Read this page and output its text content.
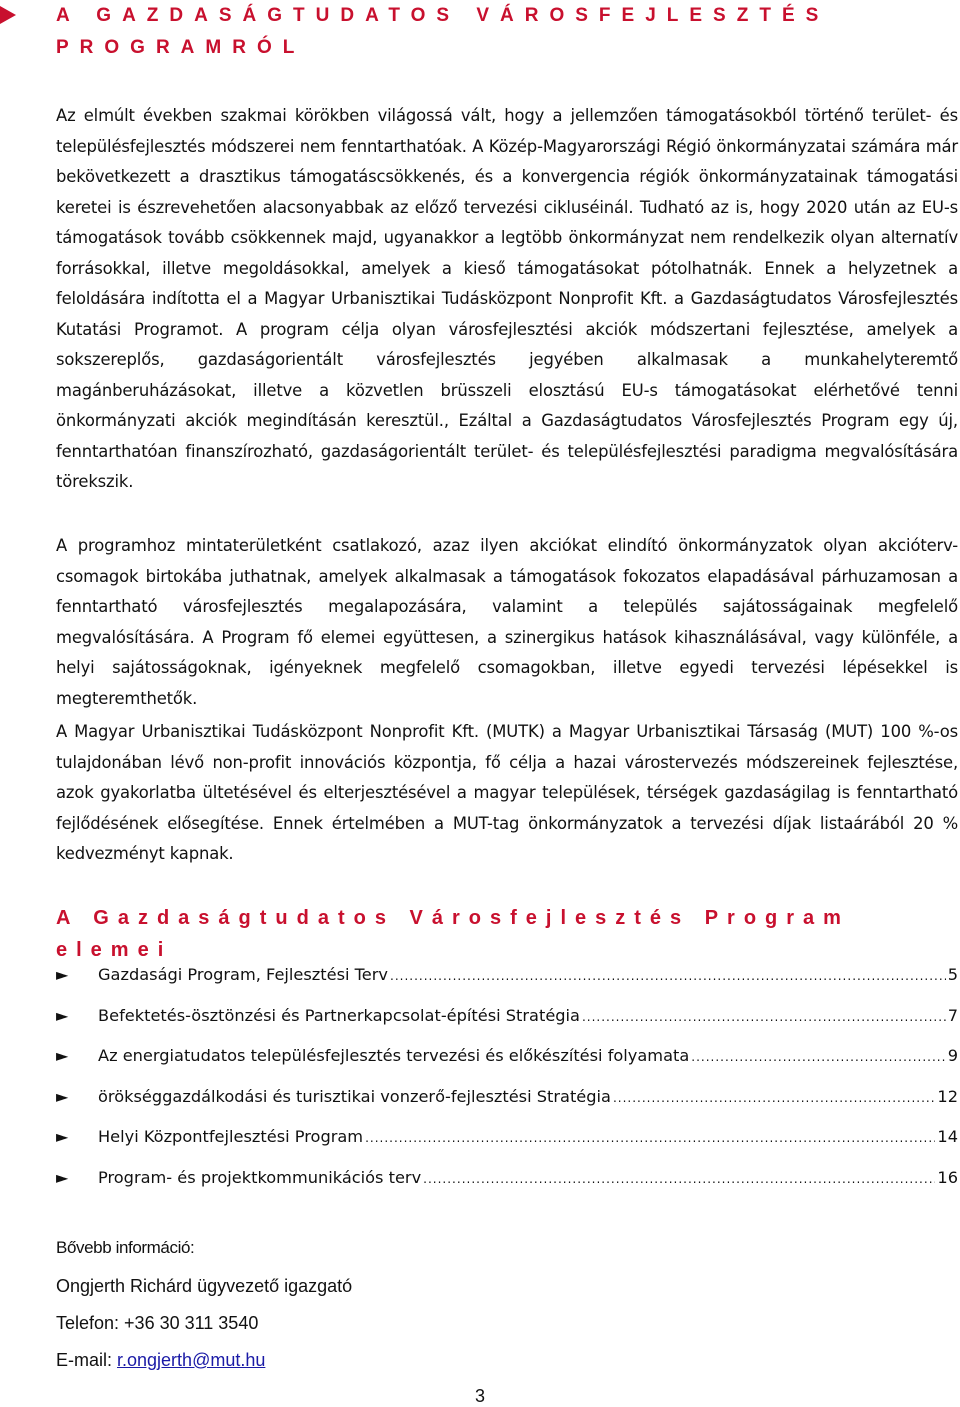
A GAZDASÁGTUDATOS VÁROSFEJLESZTÉS PROGRAMRÓL

Az elmúlt években szakmai körökben világossá vált, hogy a jellemzően támogatásokból történő terület- és településfejlesztés módszerei nem fenntarthatóak. A Közép-Magyarországi Régió önkormányzatai számára már bekövetkezett a drasztikus támogatáscsökkenés, és a konvergencia régiók önkormányzatainak támogatási keretei is észrevehetően alacsonyabbak az előző tervezési cikluséinál. Tudható az is, hogy 2020 után az EU-s támogatások tovább csökkennek majd, ugyanakkor a legtöbb önkormányzat nem rendelkezik olyan alternatív forrásokkal, illetve megoldásokkal, amelyek a kieső támogatásokat pótolhatnák. Ennek a helyzetnek a feloldására indította el a Magyar Urbanisztikai Tudásközpont Nonprofit Kft. a Gazdaságtudatos Városfejlesztés Kutatási Programot. A program célja olyan városfejlesztési akciók módszertani fejlesztése, amelyek a sokszereplős, gazdaságorientált városfejlesztés jegyében alkalmasak a munkahelyteremtő magánberuházásokat, illetve a közvetlen brüsszeli elosztású EU-s támogatásokat elérhetővé tenni önkormányzati akciók megindításán keresztül., Ezáltal a Gazdaságtudatos Városfejlesztés Program egy új, fenntarthatóan finanszírozható, gazdaságorientált terület- és településfejlesztési paradigma megvalósítására törekszik.

A programhoz mintaterületként csatlakozó, azaz ilyen akciókat elindító önkormányzatok olyan akcióterv-csomagok birtokába juthatnak, amelyek alkalmasak a támogatások fokozatos elapadásával párhuzamosan a fenntartható városfejlesztés megalapozására, valamint a település sajátosságainak megfelelő megvalósítására. A Program fő elemei együttesen, a szinergikus hatások kihasználásával, vagy különféle, a helyi sajátosságoknak, igényeknek megfelelő csomagokban, illetve egyedi tervezési lépésekkel is megteremthetők.

A Magyar Urbanisztikai Tudásközpont Nonprofit Kft. (MUTK) a Magyar Urbanisztikai Társaság (MUT) 100 %-os tulajdonában lévő non-profit innovációs központja, fő célja a hazai várostervezés módszereinek fejlesztése, azok gyakorlatba ültetésével és elterjesztésével a magyar települések, térségek gazdaságilag is fenntartható fejlődésének elősegítése. Ennek értelmében a MUT-tag önkormányzatok a tervezési díjak listaárából 20 % kedvezményt kapnak.

A Gazdaságtudatos Városfejlesztés Program elemei
►	Gazdasági Program, Fejlesztési Terv .....	5
►	Befektetés-ösztönzési és Partnerkapcsolat-építési Stratégia .....	7
►	Az energiatudatos településfejlesztés tervezési és előkészítési folyamata .....	9
►	örökséggazdálkodási és turisztikai vonzerő-fejlesztési Stratégia .....	12
►	Helyi Központfejlesztési Program .....	14
►	Program- és projektkommunikációs terv .....	16
Bővebb információ:
Ongjerth Richárd ügyvezető igazgató
Telefon: +36 30 311 3540
E-mail: r.ongjerth@mut.hu
3
